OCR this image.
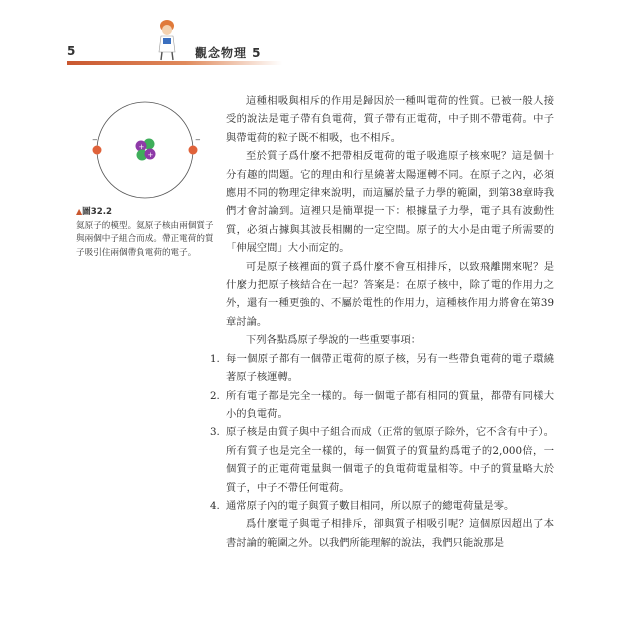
5	觀念物理 5
−	−
+
+

▲圖32.2

氦原子的模型。氦原子核由兩個質子與兩個中子組合而成。帶正電荷的質子吸引住兩個帶負電荷的電子。

這種相吸與相斥的作用是歸因於一種叫電荷的性質。已被一般人接受的說法是電子帶有負電荷，質子帶有正電荷，中子則不帶電荷。中子與帶電荷的粒子既不相吸，也不相斥。

至於質子爲什麼不把帶相反電荷的電子吸進原子核來呢？這是個十分有趣的問題。它的理由和行星繞著太陽運轉不同。在原子之內，必須應用不同的物理定律來說明，而這屬於量子力學的範圍，到第38章時我們才會討論到。這裡只是簡單提一下：根據量子力學，電子具有波動性質，必須占據與其波長相關的一定空間。原子的大小是由電子所需要的「伸展空間」大小而定的。

可是原子核裡面的質子爲什麼不會互相排斥，以致飛離開來呢？是什麼力把原子核結合在一起？答案是：在原子核中，除了電的作用力之外，還有一種更強的、不屬於電性的作用力，這種核作用力將會在第39章討論。

下列各點爲原子學說的一些重要事項：

1. 每一個原子都有一個帶正電荷的原子核，另有一些帶負電荷的電子環繞著原子核運轉。
2. 所有電子都是完全一樣的。每一個電子都有相同的質量，都帶有同樣大小的負電荷。
3. 原子核是由質子與中子組合而成（正常的氫原子除外，它不含有中子）。所有質子也是完全一樣的，每一個質子的質量約爲電子的2,000倍，一個質子的正電荷電量與一個電子的負電荷電量相等。中子的質量略大於質子，中子不帶任何電荷。
4. 通常原子內的電子與質子數目相同，所以原子的總電荷量是零。

爲什麼電子與電子相排斥，卻與質子相吸引呢？這個原因超出了本書討論的範圍之外。以我們所能理解的說法，我們只能說那是
